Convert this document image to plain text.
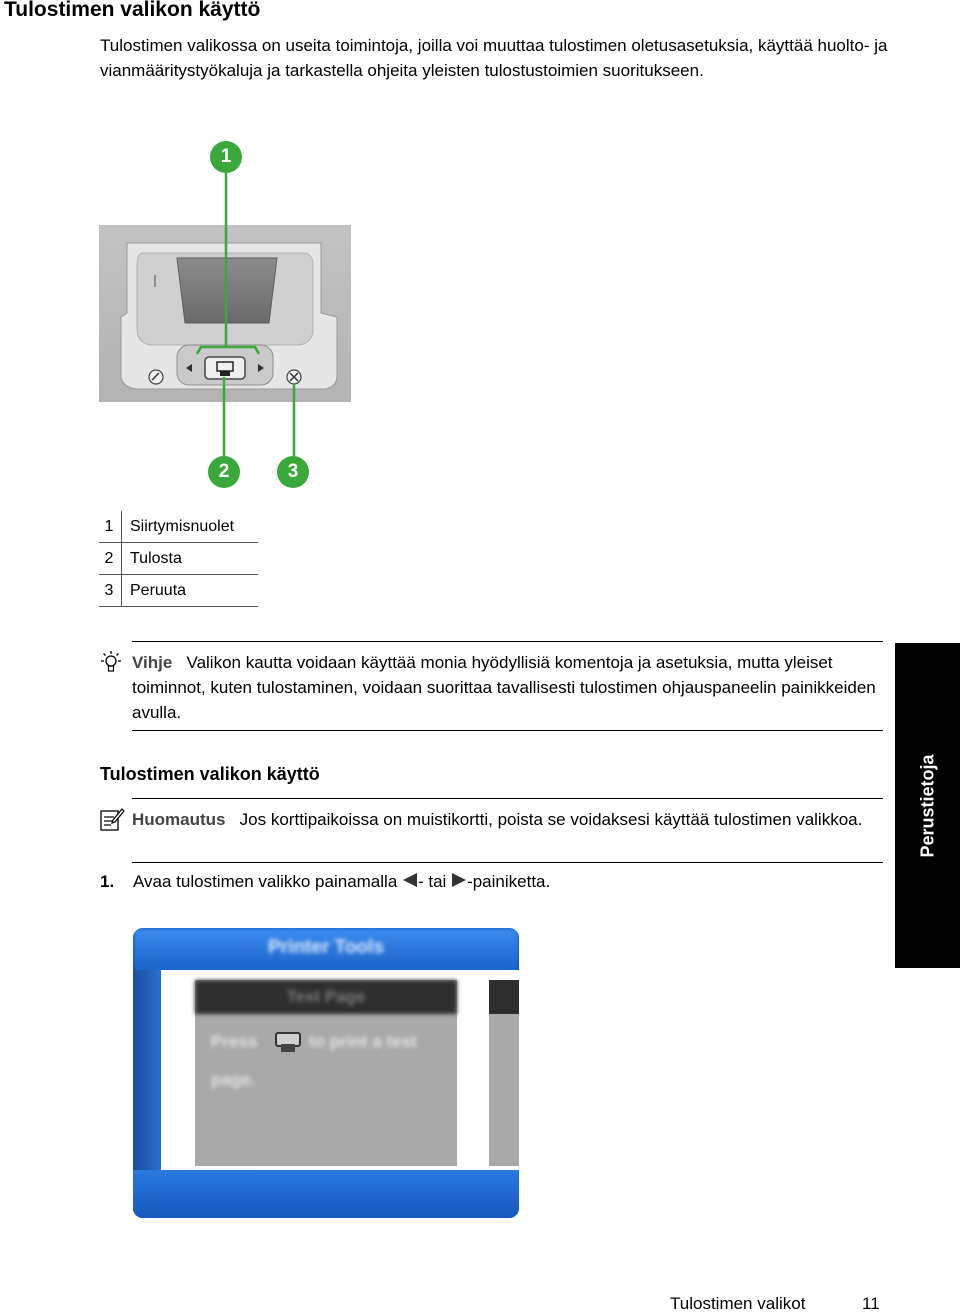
Tulostimen valikon käyttö
Tulostimen valikossa on useita toimintoja, joilla voi muuttaa tulostimen oletusasetuksia, käyttää huolto- ja vianmääritystyökaluja ja tarkastella ohjeita yleisten tulostustoimien suoritukseen.
1
2	3
1	Siirtymisnuolet
2	Tulosta
3	Peruuta
Vihje Valikon kautta voidaan käyttää monia hyödyllisiä komentoja ja asetuksia, mutta yleiset toiminnot, kuten tulostaminen, voidaan suorittaa tavallisesti tulostimen ohjauspaneelin painikkeiden avulla.
Tulostimen valikon käyttö
Huomautus Jos korttipaikoissa on muistikortti, poista se voidaksesi käyttää tulostimen valikkoa.
1. Avaa tulostimen valikko painamalla - tai -painiketta.
Printer Tools
Test Page
Press	to print a test
page.
Perustietoja
Tulostimen valikot	11
